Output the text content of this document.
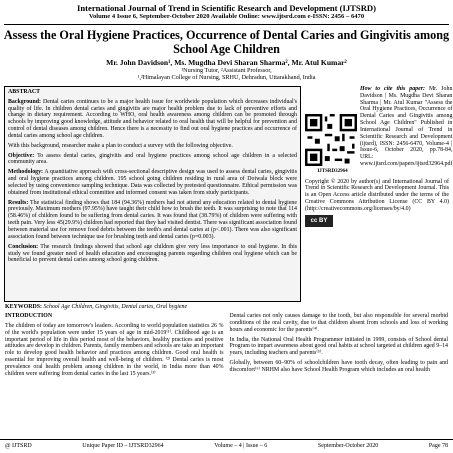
International Journal of Trend in Scientific Research and Development (IJTSRD)
Volume 4 Issue 6, September-October 2020 Available Online: www.ijtsrd.com e-ISSN: 2456 – 6470
Assess the Oral Hygiene Practices, Occurrence of Dental Caries and Gingivitis among School Age Children
Mr. John Davidson¹, Ms. Mugdha Devi Sharan Sharma², Mr. Atul Kumar²
¹Nursing Tutor, ²Assistant Professor,
¹,²Himalayan College of Nursing, SRHU, Dehradun, Uttarakhand, India

ABSTRACT

Background: Dental caries continues to be a major health issue for worldwide population which decreases individual's quality of life. In children dental caries and gingivitis are major health problem due to lack of preventive efforts and change in dietary requirement. According to WHO, oral health awareness among children can be promoted through schools by improving good knowledge, attitude and behavior related to oral health that will be helpful for prevention and control of dental diseases among children. Hence there is a necessity to find out oral hygiene practices and occurrence of dental caries among school age children.

With this background, researcher make a plan to conduct a survey with the following objective.

Objective: To assess dental caries, gingivitis and oral hygiene practices among school age children in a selected community area.

Methodology: A quantitative approach with cross-sectional descriptive design was used to assess dental caries, gingivitis and oral hygiene practices among children. 195 school going children residing in rural area of Doiwala block were selected by using convenience sampling technique. Data was collected by pretested questionnaire. Ethical permission was obtained from institutional ethical committee and informed consent was taken from study participants.

Results: The statistical finding shows that 184 (94.36%) mothers had not attend any education related to dental hygiene previously. Maximum mothers (97.95%) have taught their child how to brush the teeth. It was surprising to note that 114 (58.46%) of children found to be suffering from dental caries. It was found that (38.79%) of children were suffering with teeth pain. Very less 45(29.9%) children had reported that they had visited dentist. There was significant association found between material use for remove food debris between the teeth's and dental caries at (p<.001). There was also significant association found between technique use for brushing teeth and dental caries (p=0.003).

Conclusion: The research findings showed that school age children give very less importance to oral hygiene. In this study we found greater need of health education and encouraging parents regarding children oral hygiene which can be beneficial to prevent dental caries among school going children.

IJTSRD32964
How to cite this paper: Mr. John Davidson | Ms. Mugdha Devi Sharan Sharma | Mr. Atul Kumar "Assess the Oral Hygiene Practices, Occurrence of Dental Caries and Gingivitis among School Age Children" Published in International Journal of Trend in Scientific Research and Development (ijtsrd), ISSN: 2456-6470, Volume-4 | Issue-6, October 2020, pp.78-84, URL: www.ijtsrd.com/papers/ijtsrd32964.pdf
Copyright © 2020 by author(s) and International Journal of Trend in Scientific Research and Development Journal. This is an Open Access article distributed under the terms of the Creative Commons Attribution License (CC BY 4.0) (http://creativecommons.org/licenses/by/4.0)
cc BY
KEYWORDS: School Age Children, Gingivitis, Dental caries, Oral hygiene

INTRODUCTION

The children of today are tomorrow's leaders. According to world population statistics 26 % of the world's population were under 15 years of age in mid-2019⁽¹⁾. Childhood age is an important period of life in this period most of the behaviors, healthy practices and positive attitudes are develop in children. Parents, family members and schools are take an important role to develop good health behavior and practices among children. Good oral health is essential for improving overall health and well-being of children. ⁽²⁾ Dental caries is most prevalence oral health problem among children in the world, in India more than 40% children were suffering from dental caries in the last 15 years.⁽³⁾

Dental caries not only causes damage to the tooth, but also responsible for several morbid conditions of the oral cavity, due to that children absent from schools and loss of working hours and economic for the parents⁽⁴⁾.

In India, the National Oral Health Programmer initiated in 1999, consists of School dental Program to impart awareness about good oral habits at school targeted at children aged 9–14 years, including teachers and parents⁽⁵⁾.

Globally, between 60–90% of schoolchildren have tooth decay, often leading to pain and discomfort⁽⁶⁾ NRHM also have School Health Program which includes an oral health

@ IJTSRD	Unique Paper ID – IJTSRD32964	Volume – 4 | Issue – 6	September-October 2020	Page 78
